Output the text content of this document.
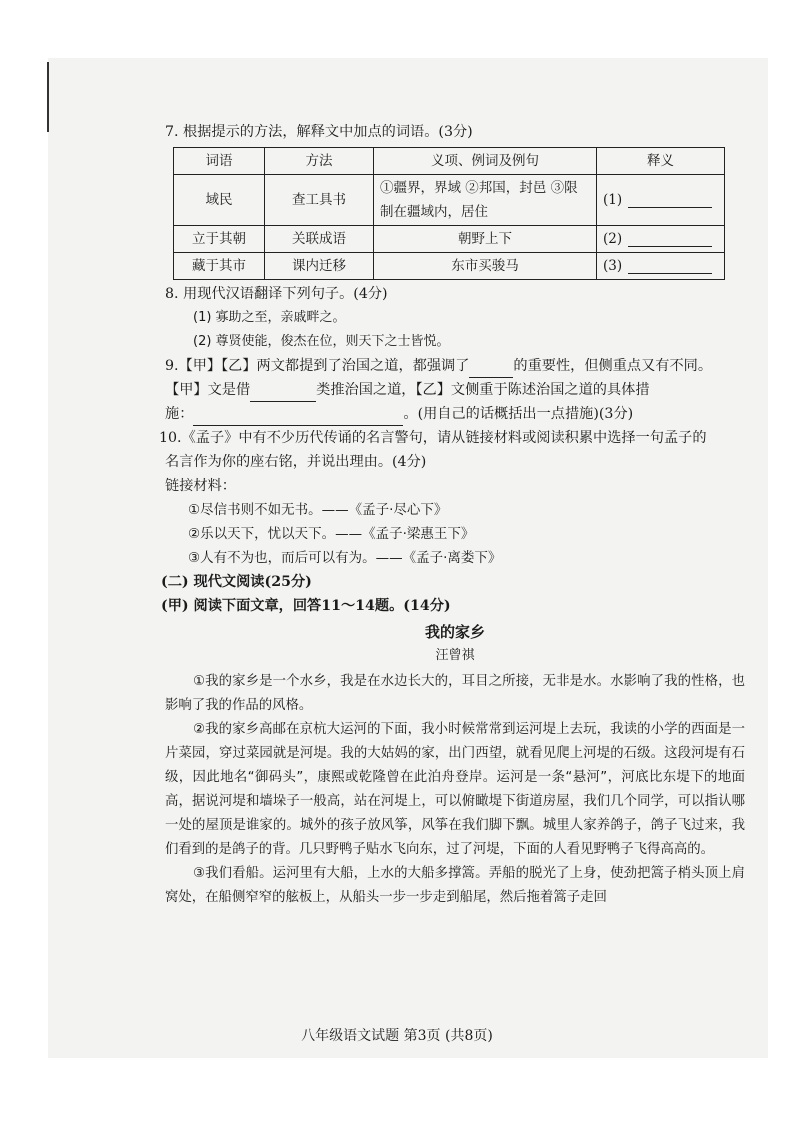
7. 根据提示的方法，解释文中加点的词语。(3分)

词语	方法	义项、例词及例句	释义
域民	查工具书	①疆界，界域 ②邦国，封邑 ③限制在疆域内，居住	(1)
立于其朝	关联成语	朝野上下	(2)
藏于其市	课内迁移	东市买骏马	(3)

8. 用现代汉语翻译下列句子。(4分)

(1) 寡助之至，亲戚畔之。

(2) 尊贤使能，俊杰在位，则天下之士皆悦。

9.【甲】【乙】两文都提到了治国之道，都强调了	的重要性，但侧重点又有不同。

【甲】文是借	类推治国之道，【乙】文侧重于陈述治国之道的具体措

施：	。(用自己的话概括出一点措施)(3分)

10.《孟子》中有不少历代传诵的名言警句，请从链接材料或阅读积累中选择一句孟子的

名言作为你的座右铭，并说出理由。(4分)

链接材料：

①尽信书则不如无书。——《孟子·尽心下》

②乐以天下，忧以天下。——《孟子·梁惠王下》

③人有不为也，而后可以有为。——《孟子·离娄下》

(二) 现代文阅读(25分)

(甲) 阅读下面文章，回答11～14题。(14分)

我的家乡

汪曾祺

①我的家乡是一个水乡，我是在水边长大的，耳目之所接，无非是水。水影响了我的性格，也影响了我的作品的风格。

②我的家乡高邮在京杭大运河的下面，我小时候常常到运河堤上去玩，我读的小学的西面是一片菜园，穿过菜园就是河堤。我的大姑妈的家，出门西望，就看见爬上河堤的石级。这段河堤有石级，因此地名“御码头”，康熙或乾隆曾在此泊舟登岸。运河是一条“悬河”，河底比东堤下的地面高，据说河堤和墙垛子一般高，站在河堤上，可以俯瞰堤下街道房屋，我们几个同学，可以指认哪一处的屋顶是谁家的。城外的孩子放风筝，风筝在我们脚下飘。城里人家养鸽子，鸽子飞过来，我们看到的是鸽子的背。几只野鸭子贴水飞向东，过了河堤，下面的人看见野鸭子飞得高高的。

③我们看船。运河里有大船，上水的大船多撑篙。弄船的脱光了上身，使劲把篙子梢头顶上肩窝处，在船侧窄窄的舷板上，从船头一步一步走到船尾，然后拖着篙子走回

八年级语文试题 第3页 (共8页)
